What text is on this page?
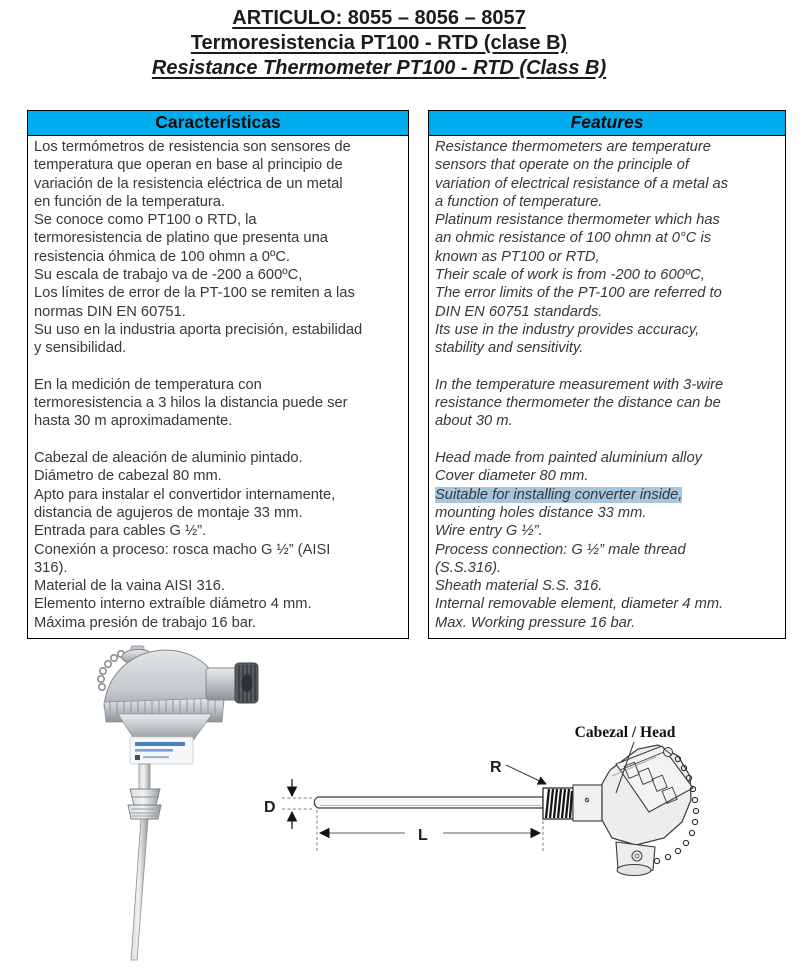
ARTICULO: 8055 – 8056 – 8057
Termoresistencia PT100 - RTD (clase B)
Resistance Thermometer PT100 - RTD (Class B)
Características
Los termómetros de resistencia son sensores de
temperatura que operan en base al principio de
variación de la resistencia eléctrica de un metal
en función de la temperatura.
Se conoce como PT100 o RTD, la
termoresistencia de platino que presenta una
resistencia óhmica de 100 ohmn a 0ºC.
Su escala de trabajo va de -200 a 600ºC,
Los límites de error de la PT-100 se remiten a las
normas DIN EN 60751.
Su uso en la industria aporta precisión, estabilidad
y sensibilidad.

En la medición de temperatura con
termoresistencia a 3 hilos la distancia puede ser
hasta 30 m aproximadamente.

Cabezal de aleación de aluminio pintado.
Diámetro de cabezal 80 mm.
Apto para instalar el convertidor internamente,
distancia de agujeros de montaje 33 mm.
Entrada para cables G ½”.
Conexión a proceso: rosca macho G ½” (AISI
316).
Material de la vaina AISI 316.
Elemento interno extraíble diámetro 4 mm.
Máxima presión de trabajo 16 bar.
Features
Resistance thermometers are temperature
sensors that operate on the principle of
variation of electrical resistance of a metal as
a function of temperature.
Platinum resistance thermometer which has
an ohmic resistance of 100 ohmn at 0°C is
known as PT100 or RTD,
Their scale of work is from -200 to 600ºC,
The error limits of the PT-100 are referred to
DIN EN 60751 standards.
Its use in the industry provides accuracy,
stability and sensitivity.

In the temperature measurement with 3-wire
resistance thermometer the distance can be
about 30 m.

Head made from painted aluminium alloy
Cover diameter 80 mm.
Suitable for installing converter inside,
mounting holes distance 33 mm.
Wire entry G ½”.
Process connection: G ½” male thread
(S.S.316).
Sheath material S.S. 316.
Internal removable element, diameter 4 mm.
Max. Working pressure 16 bar.
D
L
R
Cabezal / Head
